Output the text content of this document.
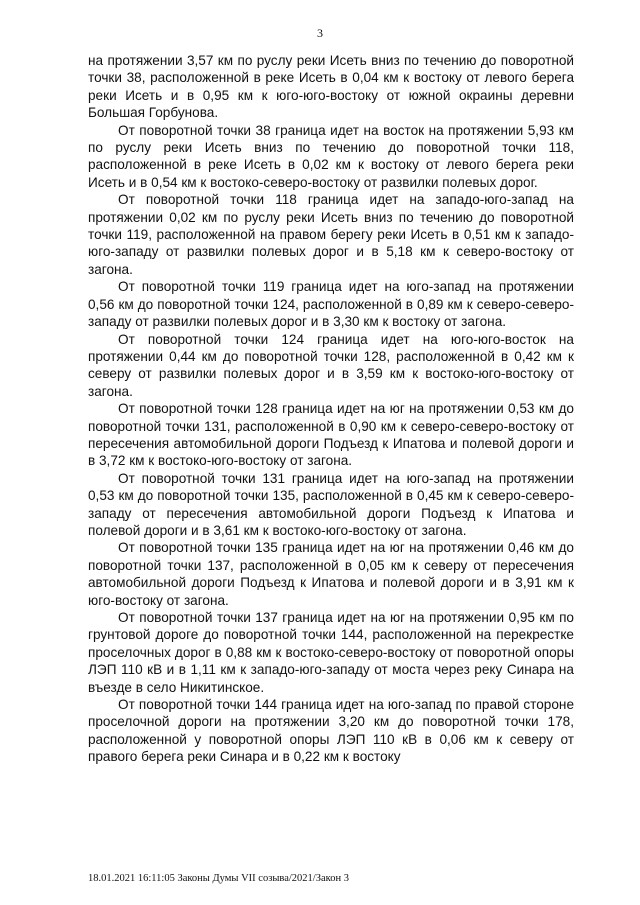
3

на протяжении 3,57 км по руслу реки Исеть вниз по течению до поворотной точки 38, расположенной в реке Исеть в 0,04 км к востоку от левого берега реки Исеть и в 0,95 км к юго-юго-востоку от южной окраины деревни Большая Горбунова.

От поворотной точки 38 граница идет на восток на протяжении 5,93 км по руслу реки Исеть вниз по течению до поворотной точки 118, расположенной в реке Исеть в 0,02 км к востоку от левого берега реки Исеть и в 0,54 км к востоко-северо-востоку от развилки полевых дорог.

От поворотной точки 118 граница идет на западо-юго-запад на протяжении 0,02 км по руслу реки Исеть вниз по течению до поворотной точки 119, расположенной на правом берегу реки Исеть в 0,51 км к западо-юго-западу от развилки полевых дорог и в 5,18 км к северо-востоку от загона.

От поворотной точки 119 граница идет на юго-запад на протяжении 0,56 км до поворотной точки 124, расположенной в 0,89 км к северо-северо-западу от развилки полевых дорог и в 3,30 км к востоку от загона.

От поворотной точки 124 граница идет на юго-юго-восток на протяжении 0,44 км до поворотной точки 128, расположенной в 0,42 км к северу от развилки полевых дорог и в 3,59 км к востоко-юго-востоку от загона.

От поворотной точки 128 граница идет на юг на протяжении 0,53 км до поворотной точки 131, расположенной в 0,90 км к северо-северо-востоку от пересечения автомобильной дороги Подъезд к Ипатова и полевой дороги и в 3,72 км к востоко-юго-востоку от загона.

От поворотной точки 131 граница идет на юго-запад на протяжении 0,53 км до поворотной точки 135, расположенной в 0,45 км к северо-северо-западу от пересечения автомобильной дороги Подъезд к Ипатова и полевой дороги и в 3,61 км к востоко-юго-востоку от загона.

От поворотной точки 135 граница идет на юг на протяжении 0,46 км до поворотной точки 137, расположенной в 0,05 км к северу от пересечения автомобильной дороги Подъезд к Ипатова и полевой дороги и в 3,91 км к юго-востоку от загона.

От поворотной точки 137 граница идет на юг на протяжении 0,95 км по грунтовой дороге до поворотной точки 144, расположенной на перекрестке проселочных дорог в 0,88 км к востоко-северо-востоку от поворотной опоры ЛЭП 110 кВ и в 1,11 км к западо-юго-западу от моста через реку Синара на въезде в село Никитинское.

От поворотной точки 144 граница идет на юго-запад по правой стороне проселочной дороги на протяжении 3,20 км до поворотной точки 178, расположенной у поворотной опоры ЛЭП 110 кВ в 0,06 км к северу от правого берега реки Синара и в 0,22 км к востоку

18.01.2021 16:11:05 Законы Думы VII созыва/2021/Закон 3
